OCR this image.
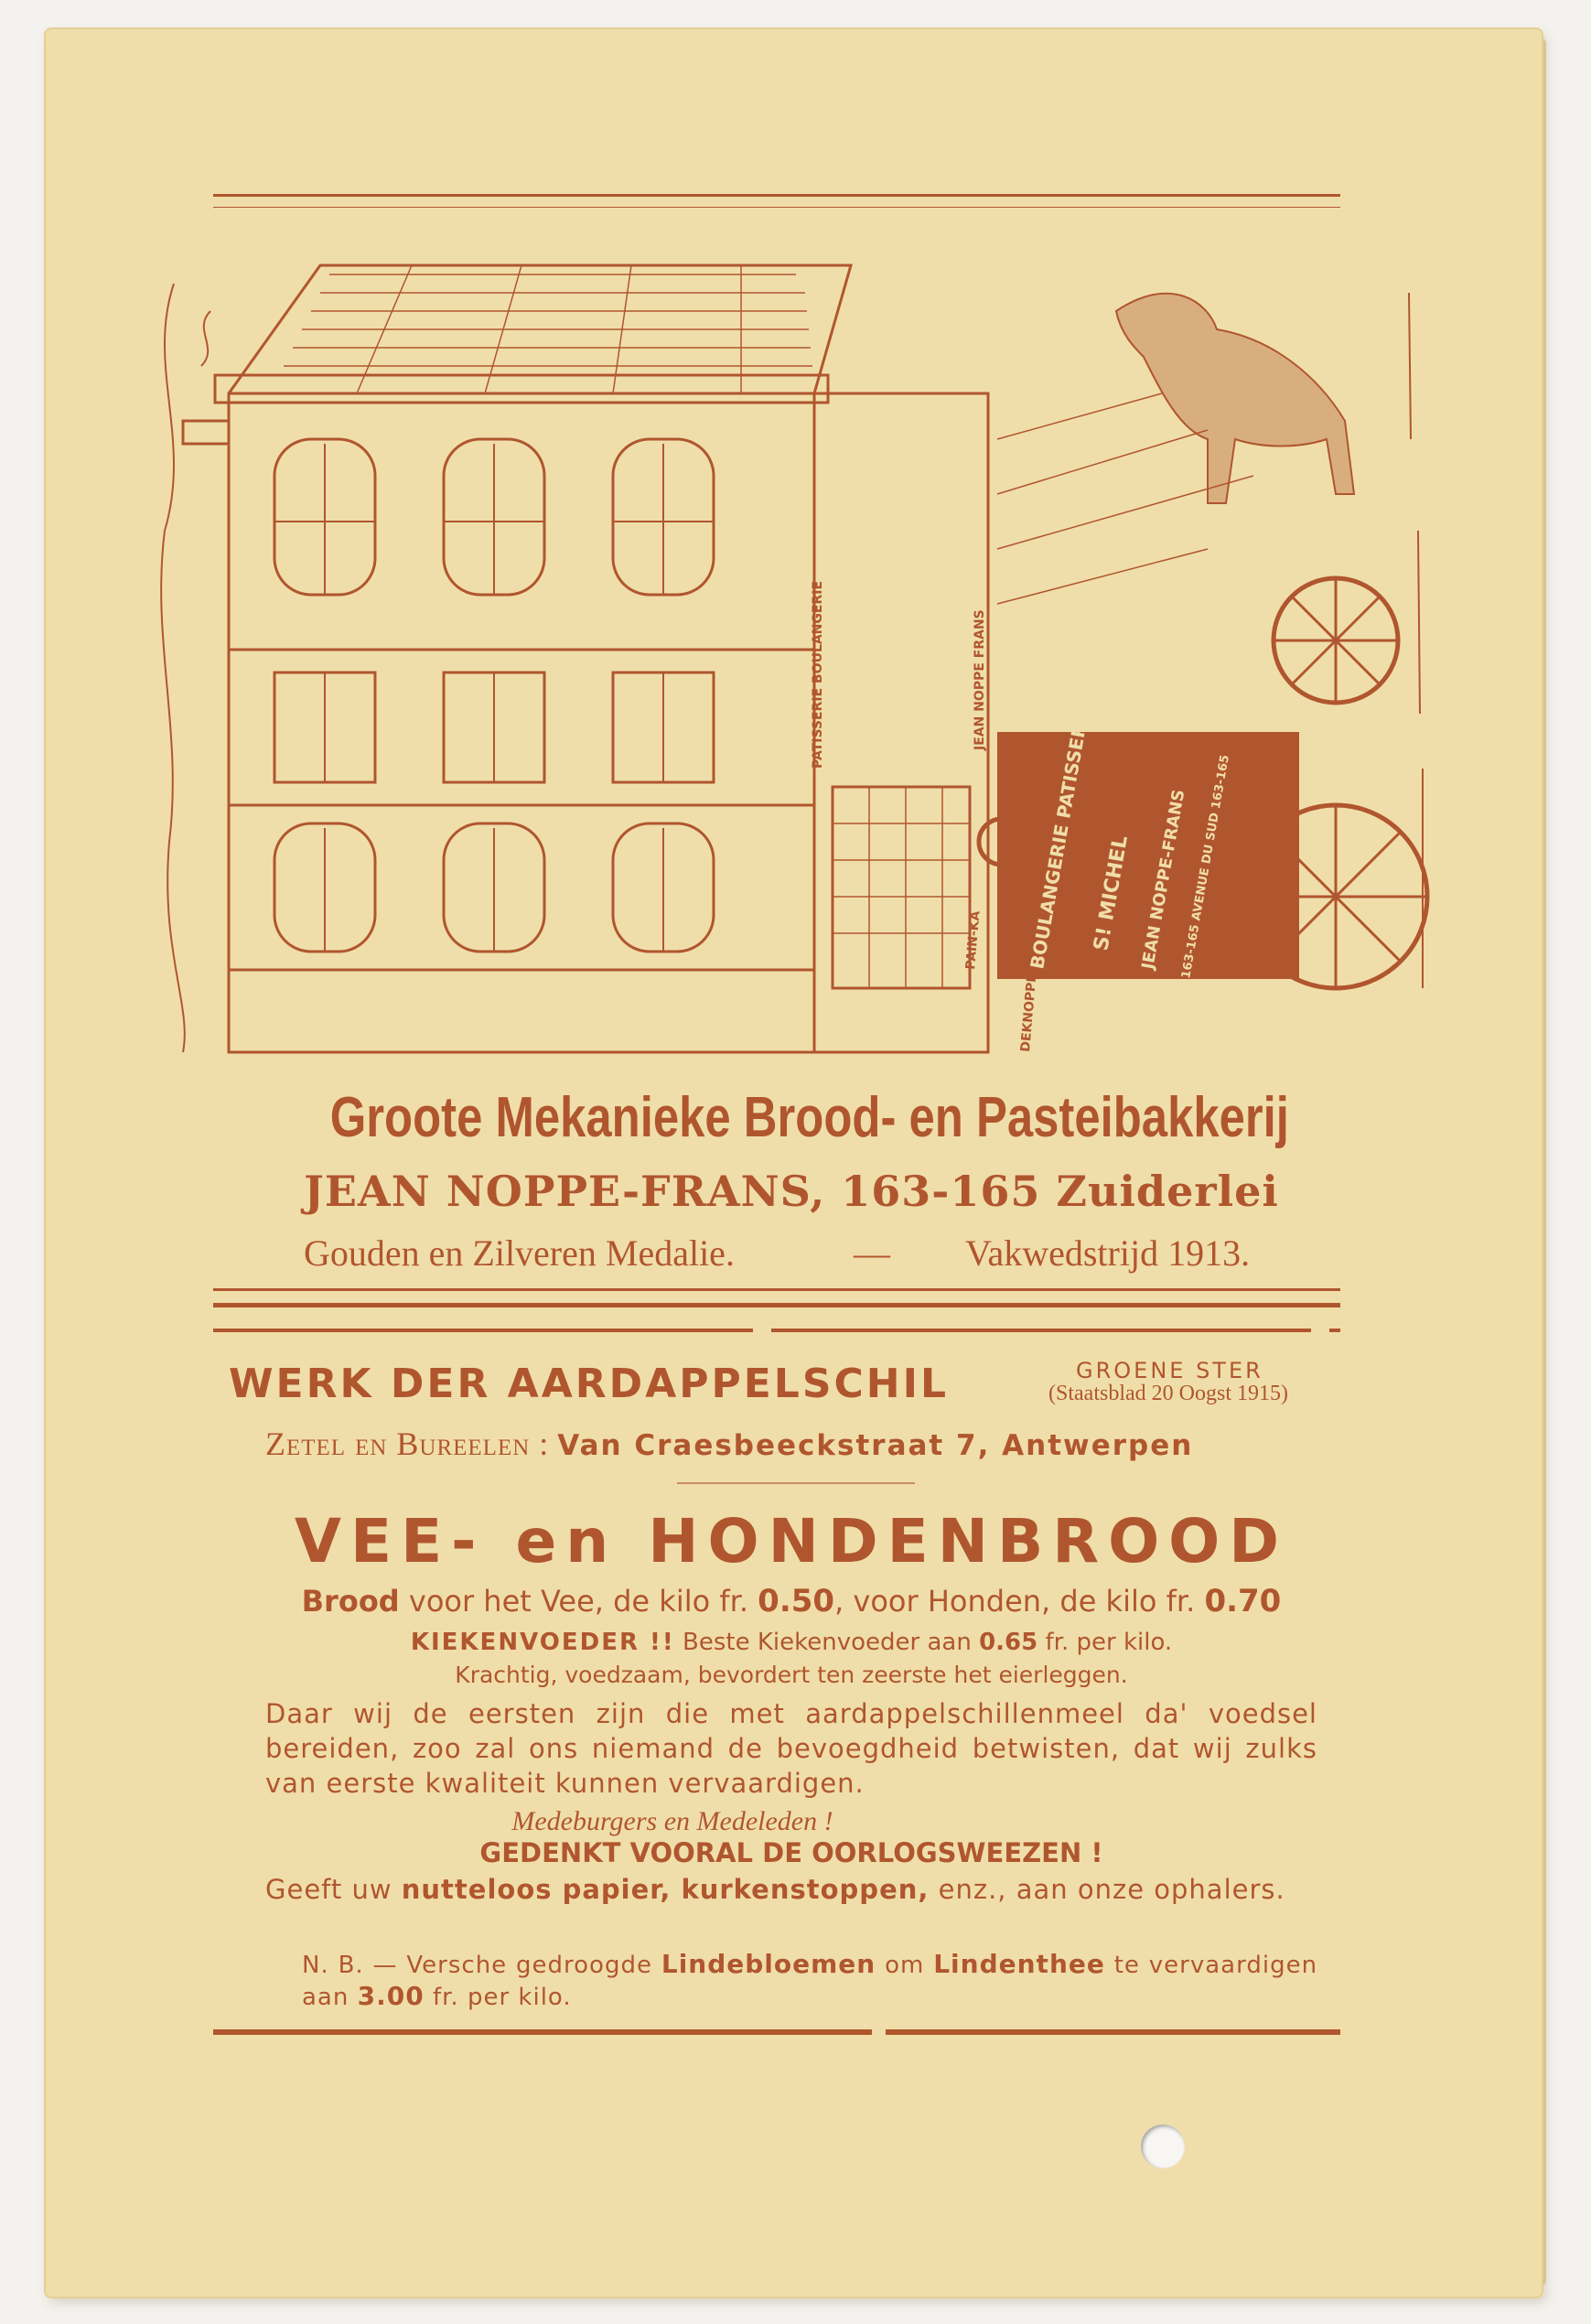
PATISSERIE BOULANGERIE	JEAN NOPPE FRANS
BOULANGERIE PATISSERIE
S! MICHEL JEAN NOPPE-FRANS
163-165 AVENUE DU SUD 163-165
PAIN-KA
DEKNOPPE
Groote Mekanieke Brood- en Pasteibakkerij
JEAN NOPPE-FRANS, 163-165 Zuiderlei
Gouden en Zilveren Medalie.	— Vakwedstrijd 1913.
WERK DER AARDAPPELSCHIL	GROENE STER
(Staatsblad 20 Oogst 1915)
Zetel en Bureelen : Van Craesbeeckstraat 7, Antwerpen
VEE- en HONDENBROOD
Brood voor het Vee, de kilo fr. 0.50, voor Honden, de kilo fr. 0.70
KIEKENVOEDER !! Beste Kiekenvoeder aan 0.65 fr. per kilo.
Krachtig, voedzaam, bevordert ten zeerste het eierleggen.
Daar wij de eersten zijn die met aardappelschillenmeel da' voedsel bereiden, zoo zal ons niemand de bevoegdheid betwisten, dat wij zulks van eerste kwaliteit kunnen vervaardigen.
Medeburgers en Medeleden !
GEDENKT VOORAL DE OORLOGSWEEZEN !
Geeft uw nutteloos papier, kurkenstoppen, enz., aan onze ophalers.
N. B. — Versche gedroogde Lindebloemen om Lindenthee te vervaardigen aan 3.00 fr. per kilo.
